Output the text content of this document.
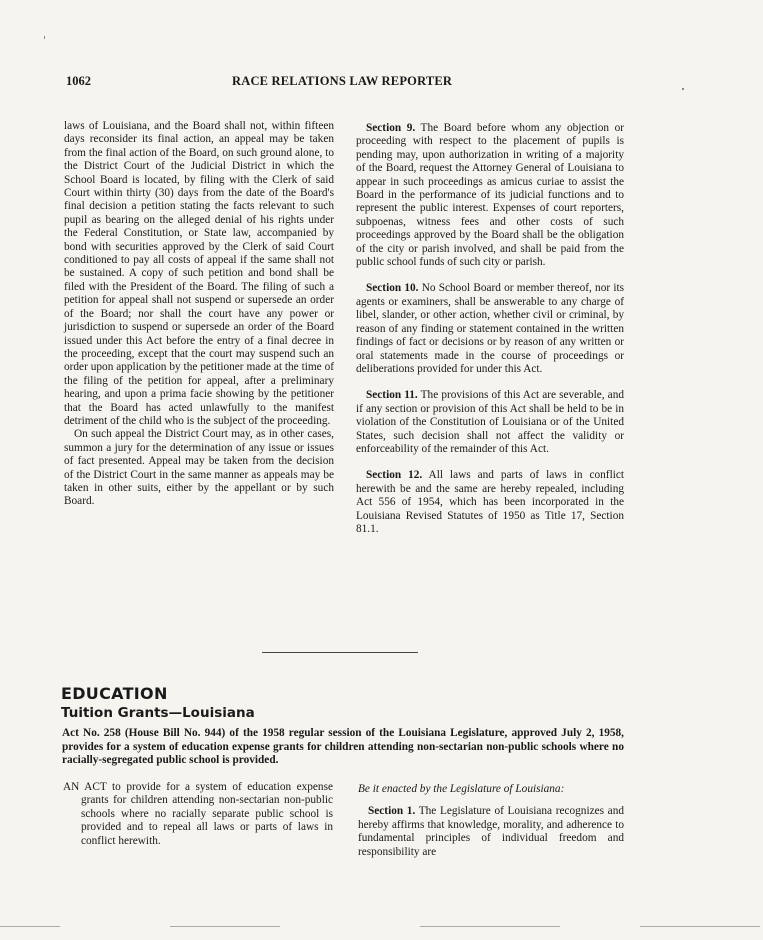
1062	RACE RELATIONS LAW REPORTER

laws of Louisiana, and the Board shall not, within fifteen days reconsider its final action, an appeal may be taken from the final action of the Board, on such ground alone, to the District Court of the Judicial District in which the School Board is located, by filing with the Clerk of said Court within thirty (30) days from the date of the Board's final decision a petition stating the facts relevant to such pupil as bearing on the alleged denial of his rights under the Federal Constitution, or State law, accompanied by bond with securities approved by the Clerk of said Court conditioned to pay all costs of appeal if the same shall not be sustained. A copy of such petition and bond shall be filed with the President of the Board. The filing of such a petition for appeal shall not suspend or supersede an order of the Board; nor shall the court have any power or jurisdiction to suspend or supersede an order of the Board issued under this Act before the entry of a final decree in the proceeding, except that the court may suspend such an order upon application by the petitioner made at the time of the filing of the petition for appeal, after a preliminary hearing, and upon a prima facie showing by the petitioner that the Board has acted unlawfully to the manifest detriment of the child who is the subject of the proceeding.

On such appeal the District Court may, as in other cases, summon a jury for the determination of any issue or issues of fact presented. Appeal may be taken from the decision of the District Court in the same manner as appeals may be taken in other suits, either by the appellant or by such Board.

Section 9. The Board before whom any objection or proceeding with respect to the placement of pupils is pending may, upon authorization in writing of a majority of the Board, request the Attorney General of Louisiana to appear in such proceedings as amicus curiae to assist the Board in the performance of its judicial functions and to represent the public interest. Expenses of court reporters, subpoenas, witness fees and other costs of such proceedings approved by the Board shall be the obligation of the city or parish involved, and shall be paid from the public school funds of such city or parish.

Section 10. No School Board or member thereof, nor its agents or examiners, shall be answerable to any charge of libel, slander, or other action, whether civil or criminal, by reason of any finding or statement contained in the written findings of fact or decisions or by reason of any written or oral statements made in the course of proceedings or deliberations provided for under this Act.

Section 11. The provisions of this Act are severable, and if any section or provision of this Act shall be held to be in violation of the Constitution of Louisiana or of the United States, such decision shall not affect the validity or enforceability of the remainder of this Act.

Section 12. All laws and parts of laws in conflict herewith be and the same are hereby repealed, including Act 556 of 1954, which has been incorporated in the Louisiana Revised Statutes of 1950 as Title 17, Section 81.1.

EDUCATION
Tuition Grants—Louisiana
Act No. 258 (House Bill No. 944) of the 1958 regular session of the Louisiana Legislature, approved July 2, 1958, provides for a system of education expense grants for children attending non-sectarian non-public schools where no racially-segregated public school is provided.

AN ACT to provide for a system of education expense grants for children attending non-sectarian non-public schools where no racially separate public school is provided and to repeal all laws or parts of laws in conflict herewith.

Be it enacted by the Legislature of Louisiana:

Section 1. The Legislature of Louisiana recognizes and hereby affirms that knowledge, morality, and adherence to fundamental principles of individual freedom and responsibility are
